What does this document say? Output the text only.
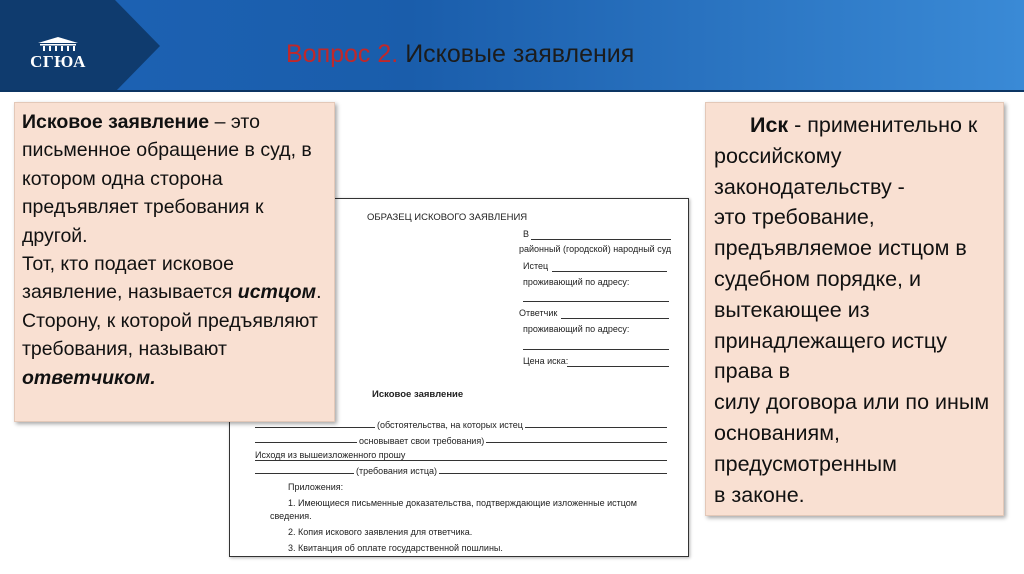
СГЮА	Вопрос 2. Исковые заявления
ОБРАЗЕЦ ИСКОВОГО ЗАЯВЛЕНИЯ
В
районный (городской) народный суд
Истец
проживающий по адресу:
Ответчик
проживающий по адресу:
Цена иска:
Исковое заявление
(обстоятельства, на которых истец
основывает свои требования)
Исходя из вышеизложенного прошу
(требования истца)
Приложения:
1. Имеющиеся письменные доказательства, подтверждающие изложенные истцом
сведения.
2. Копия искового заявления для ответчика.
3. Квитанция об оплате государственной пошлины.
Исковое заявление – это письменное обращение в суд, в котором одна сторона предъявляет требования к другой.
Тот, кто подает исковое заявление, называется истцом.
Сторону, к которой предъявляют требования, называют ответчиком.
Иск - применительно к российскому законодательству -
это требование, предъявляемое истцом в судебном порядке, и вытекающее из принадлежащего истцу права в
силу договора или по иным основаниям, предусмотренным
в законе.
